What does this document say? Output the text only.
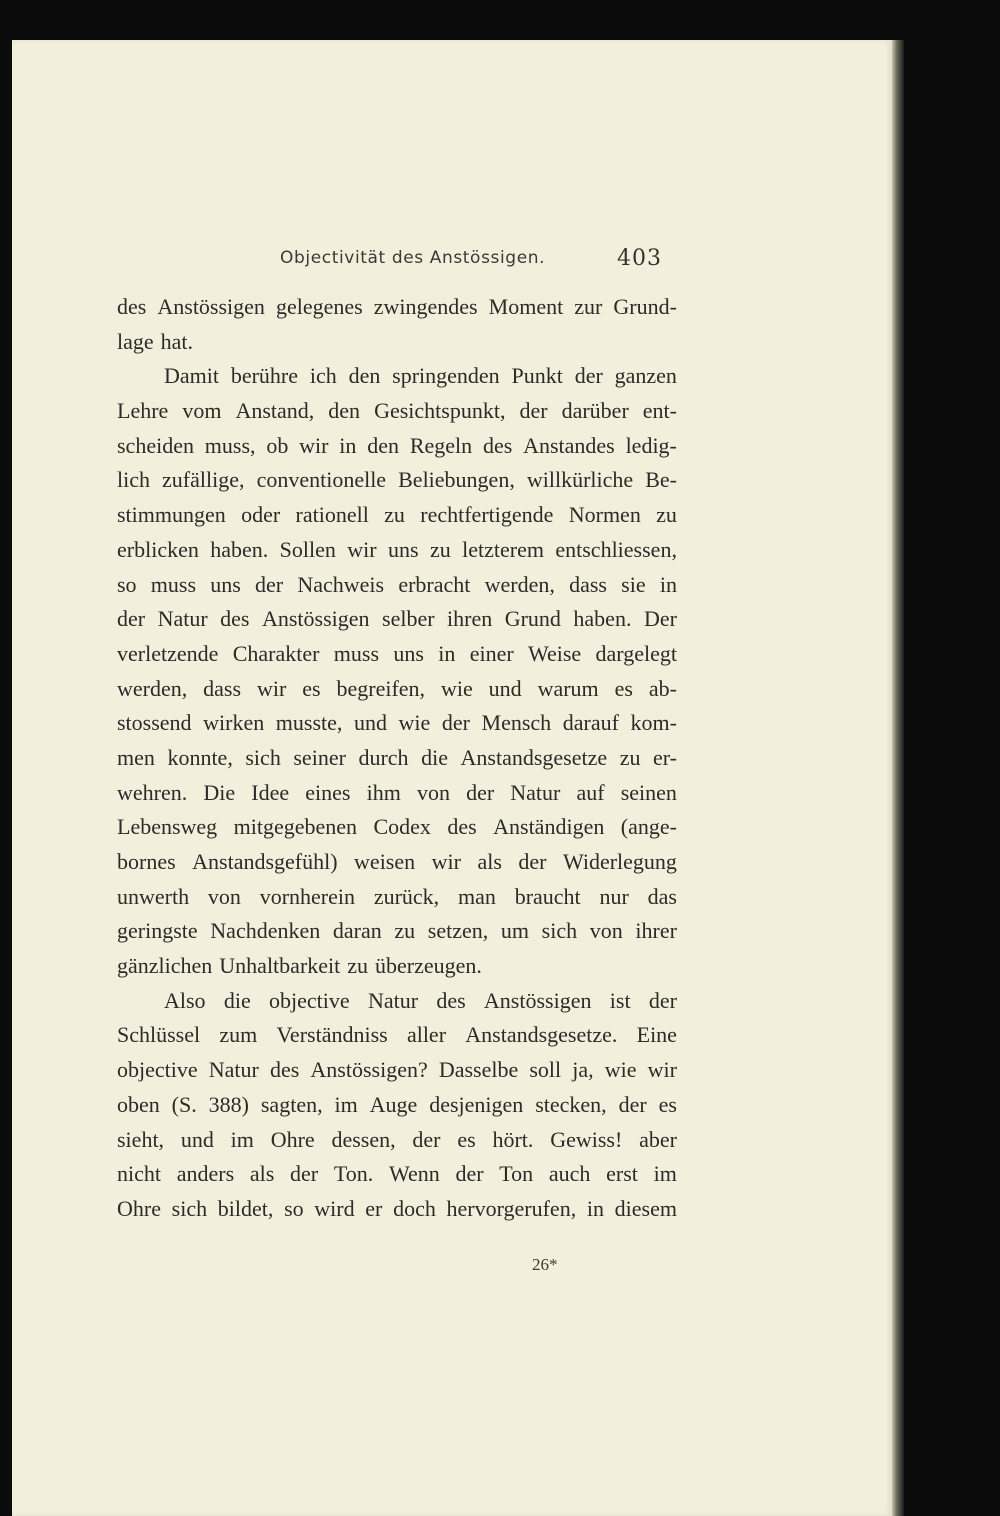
Objectivität des Anstössigen.	403
des Anstössigen gelegenes zwingendes Moment zur Grund-
lage hat.
Damit berühre ich den springenden Punkt der ganzen
Lehre vom Anstand, den Gesichtspunkt, der darüber ent-
scheiden muss, ob wir in den Regeln des Anstandes ledig-
lich zufällige, conventionelle Beliebungen, willkürliche Be-
stimmungen oder rationell zu rechtfertigende Normen zu
erblicken haben. Sollen wir uns zu letzterem entschliessen,
so muss uns der Nachweis erbracht werden, dass sie in
der Natur des Anstössigen selber ihren Grund haben. Der
verletzende Charakter muss uns in einer Weise dargelegt
werden, dass wir es begreifen, wie und warum es ab-
stossend wirken musste, und wie der Mensch darauf kom-
men konnte, sich seiner durch die Anstandsgesetze zu er-
wehren. Die Idee eines ihm von der Natur auf seinen
Lebensweg mitgegebenen Codex des Anständigen (ange-
bornes Anstandsgefühl) weisen wir als der Widerlegung
unwerth von vornherein zurück, man braucht nur das
geringste Nachdenken daran zu setzen, um sich von ihrer
gänzlichen Unhaltbarkeit zu überzeugen.
Also die objective Natur des Anstössigen ist der
Schlüssel zum Verständniss aller Anstandsgesetze. Eine
objective Natur des Anstössigen? Dasselbe soll ja, wie wir
oben (S. 388) sagten, im Auge desjenigen stecken, der es
sieht, und im Ohre dessen, der es hört. Gewiss! aber
nicht anders als der Ton. Wenn der Ton auch erst im
Ohre sich bildet, so wird er doch hervorgerufen, in diesem
26*
